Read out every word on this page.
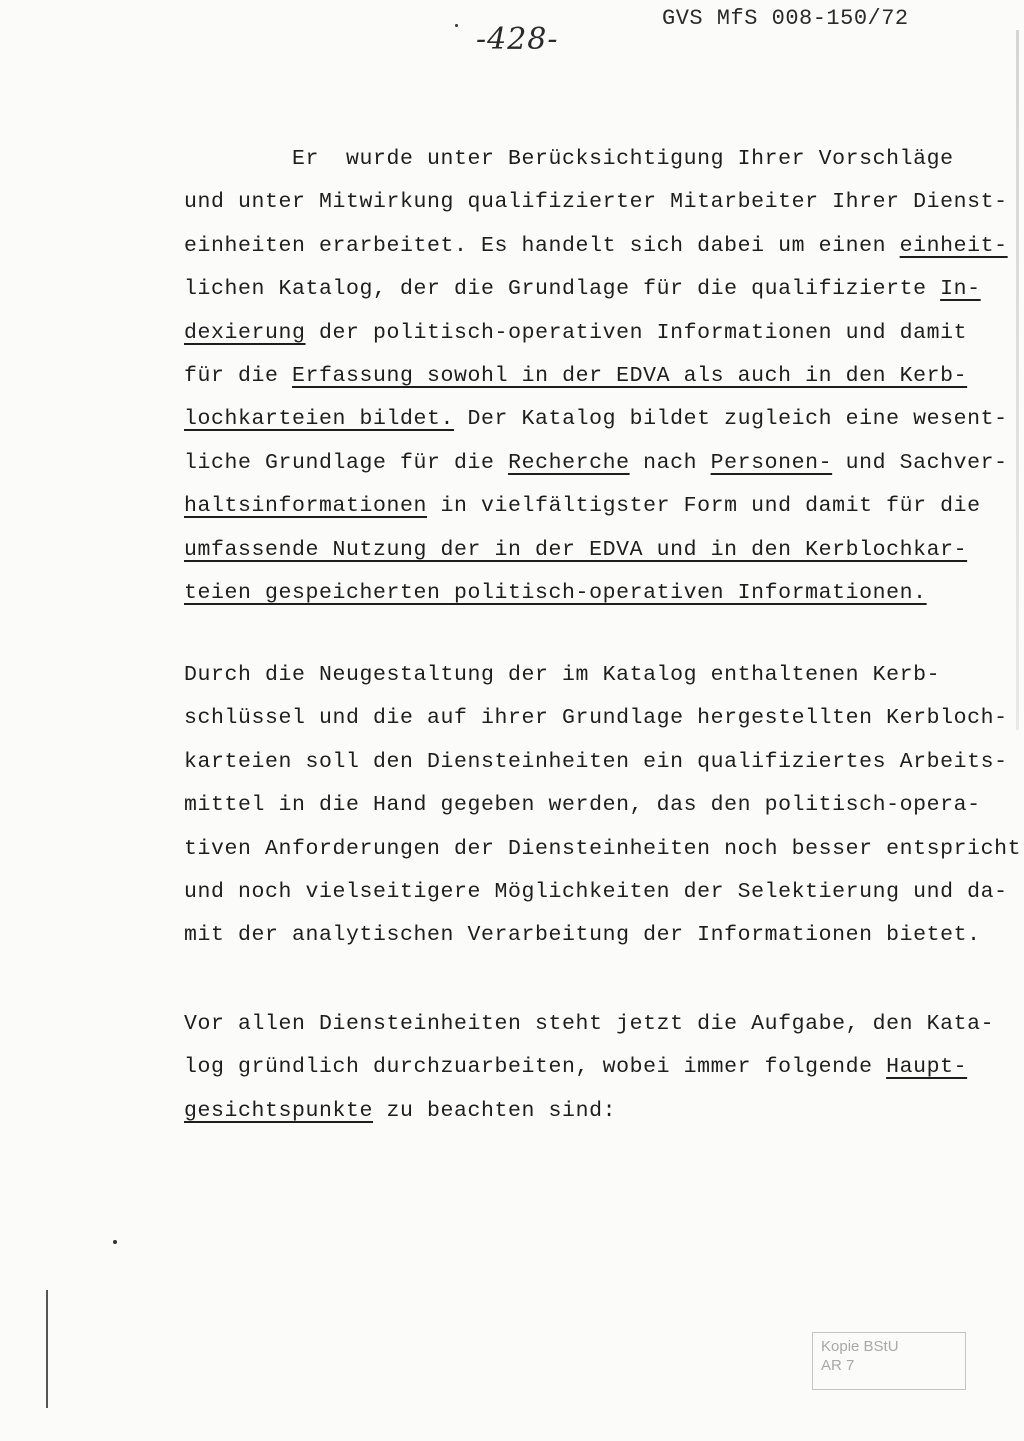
-428-
GVS MfS 008-150/72
Er  wurde unter Berücksichtigung Ihrer Vorschläge
und unter Mitwirkung qualifizierter Mitarbeiter Ihrer Dienst-
einheiten erarbeitet. Es handelt sich dabei um einen einheit-
lichen Katalog, der die Grundlage für die qualifizierte In-
dexierung der politisch-operativen Informationen und damit
für die Erfassung sowohl in der EDVA als auch in den Kerb-
lochkarteien bildet. Der Katalog bildet zugleich eine wesent-
liche Grundlage für die Recherche nach Personen- und Sachver-
haltsinformationen in vielfältigster Form und damit für die
umfassende Nutzung der in der EDVA und in den Kerblochkar-
teien gespeicherten politisch-operativen Informationen.
Durch die Neugestaltung der im Katalog enthaltenen Kerb-
schlüssel und die auf ihrer Grundlage hergestellten Kerbloch-
karteien soll den Diensteinheiten ein qualifiziertes Arbeits-
mittel in die Hand gegeben werden, das den politisch-opera-
tiven Anforderungen der Diensteinheiten noch besser entspricht
und noch vielseitigere Möglichkeiten der Selektierung und da-
mit der analytischen Verarbeitung der Informationen bietet.
Vor allen Diensteinheiten steht jetzt die Aufgabe, den Kata-
log gründlich durchzuarbeiten, wobei immer folgende Haupt-
gesichtspunkte zu beachten sind:
Kopie BStU
AR 7
